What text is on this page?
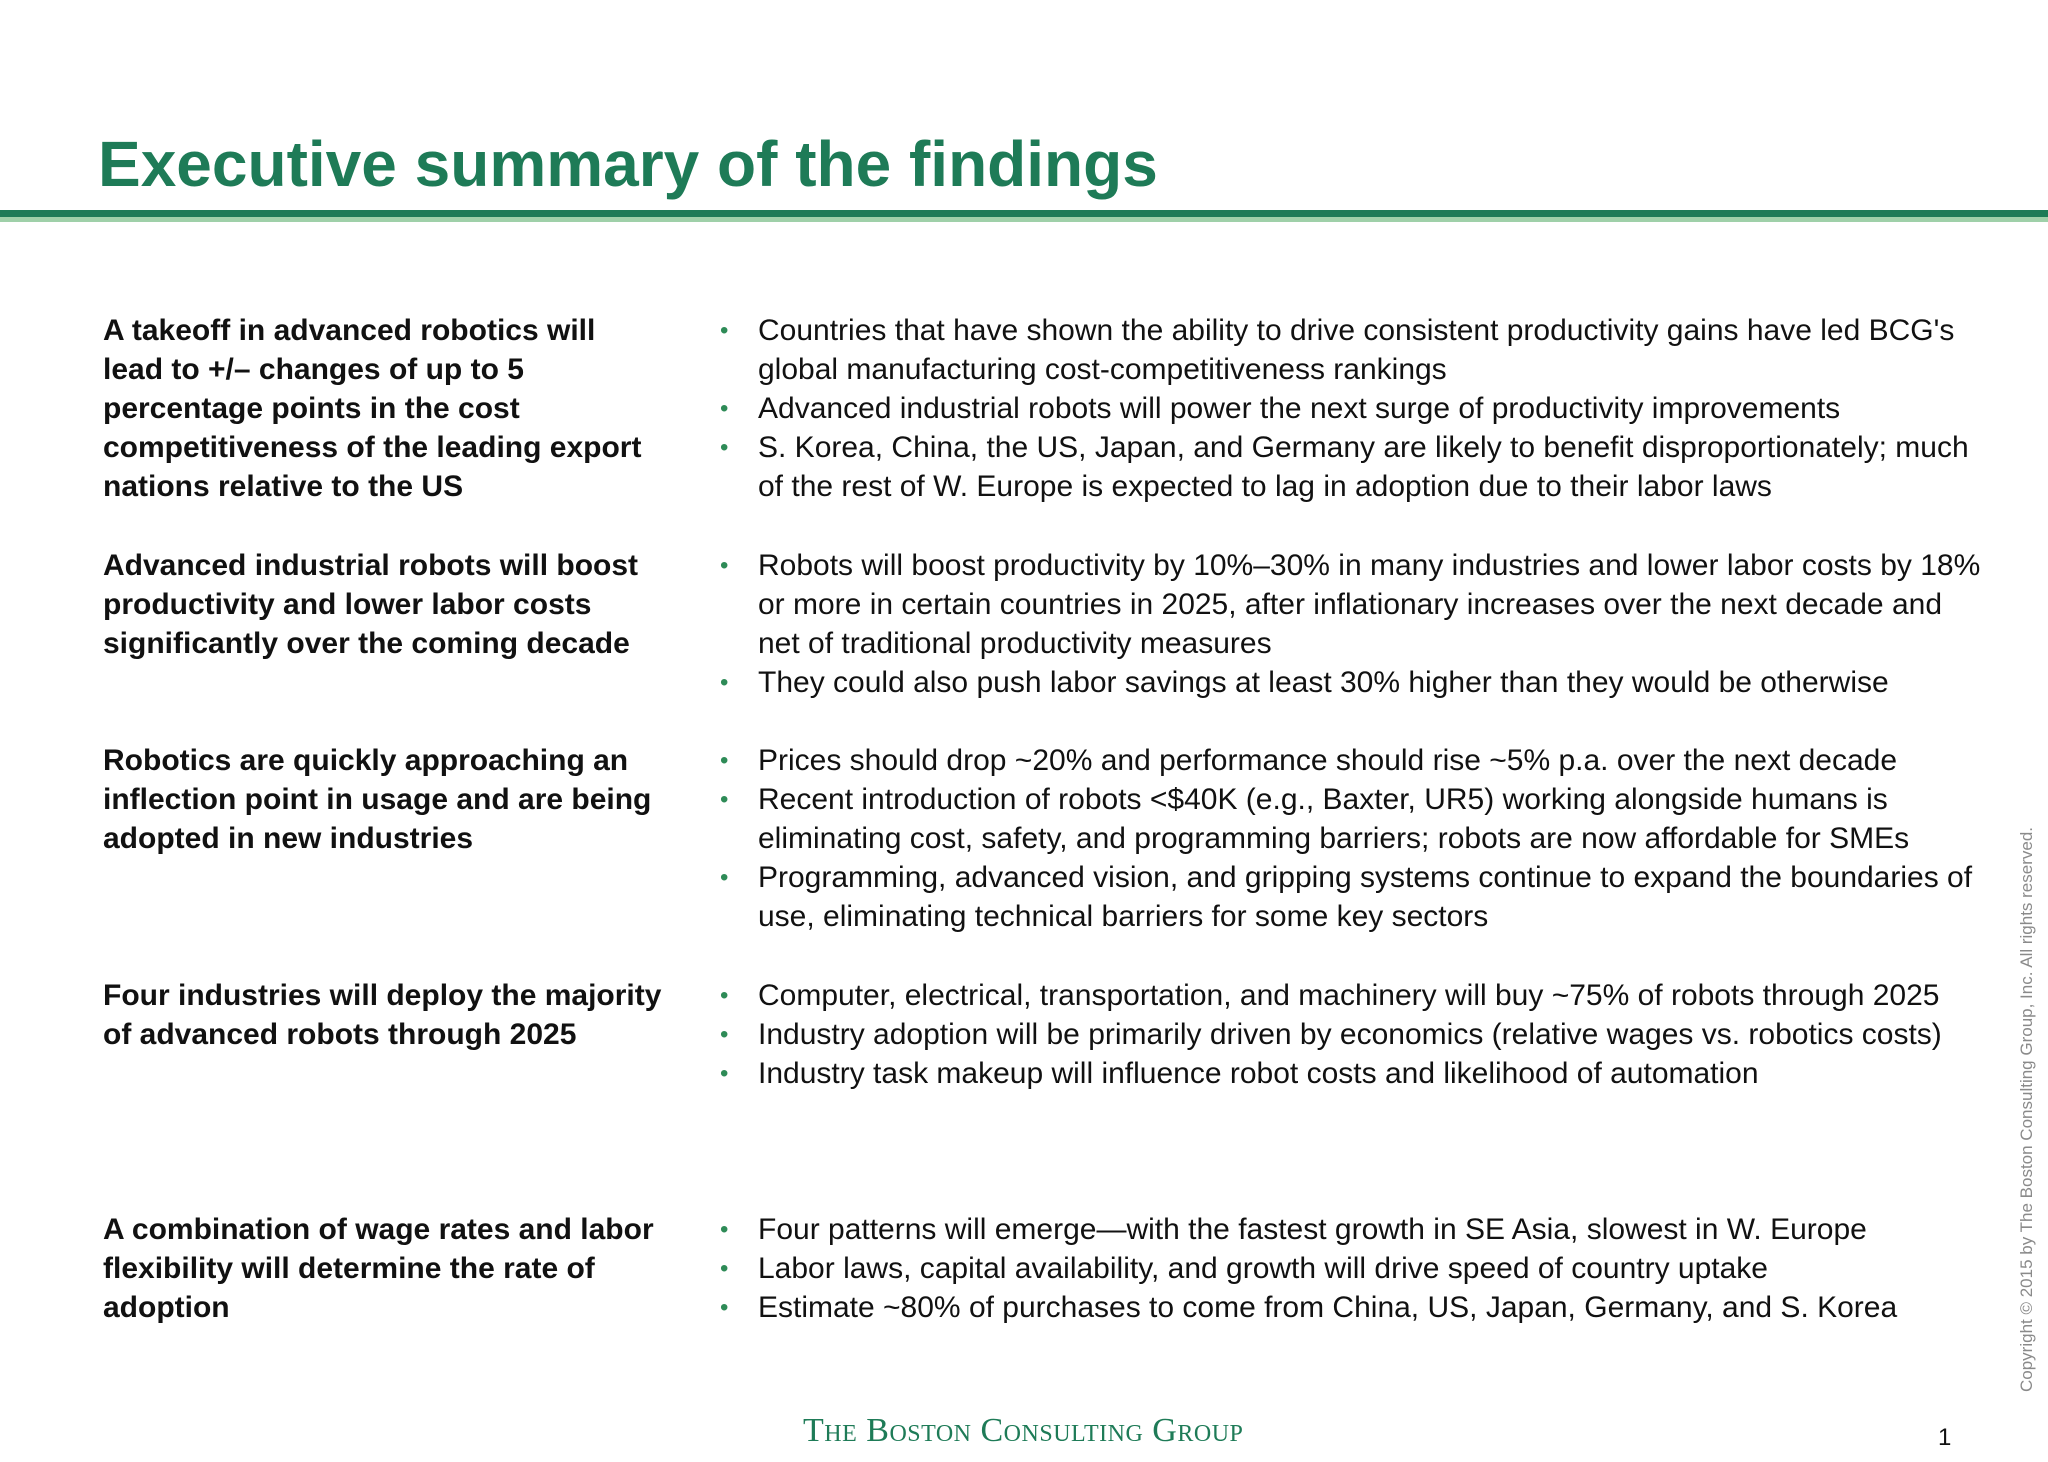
Executive summary of the findings
A takeoff in advanced robotics will lead to +/– changes of up to 5 percentage points in the cost competitiveness of the leading export nations relative to the US
• Countries that have shown the ability to drive consistent productivity gains have led BCG's global manufacturing cost-competitiveness rankings
• Advanced industrial robots will power the next surge of productivity improvements
• S. Korea, China, the US, Japan, and Germany are likely to benefit disproportionately; much of the rest of W. Europe is expected to lag in adoption due to their labor laws
Advanced industrial robots will boost productivity and lower labor costs significantly over the coming decade
• Robots will boost productivity by 10%–30% in many industries and lower labor costs by 18% or more in certain countries in 2025, after inflationary increases over the next decade and net of traditional productivity measures
• They could also push labor savings at least 30% higher than they would be otherwise
Robotics are quickly approaching an inflection point in usage and are being adopted in new industries
• Prices should drop ~20% and performance should rise ~5% p.a. over the next decade
• Recent introduction of robots <$40K (e.g., Baxter, UR5) working alongside humans is eliminating cost, safety, and programming barriers; robots are now affordable for SMEs
• Programming, advanced vision, and gripping systems continue to expand the boundaries of use, eliminating technical barriers for some key sectors
Four industries will deploy the majority of advanced robots through 2025
• Computer, electrical, transportation, and machinery will buy ~75% of robots through 2025
• Industry adoption will be primarily driven by economics (relative wages vs. robotics costs)
• Industry task makeup will influence robot costs and likelihood of automation
A combination of wage rates and labor flexibility will determine the rate of adoption
• Four patterns will emerge—with the fastest growth in SE Asia, slowest in W. Europe
• Labor laws, capital availability, and growth will drive speed of country uptake
• Estimate ~80% of purchases to come from China, US, Japan, Germany, and S. Korea	Copyright © 2015 by The Boston Consulting Group, Inc. All rights reserved.
The Boston Consulting Group	1
